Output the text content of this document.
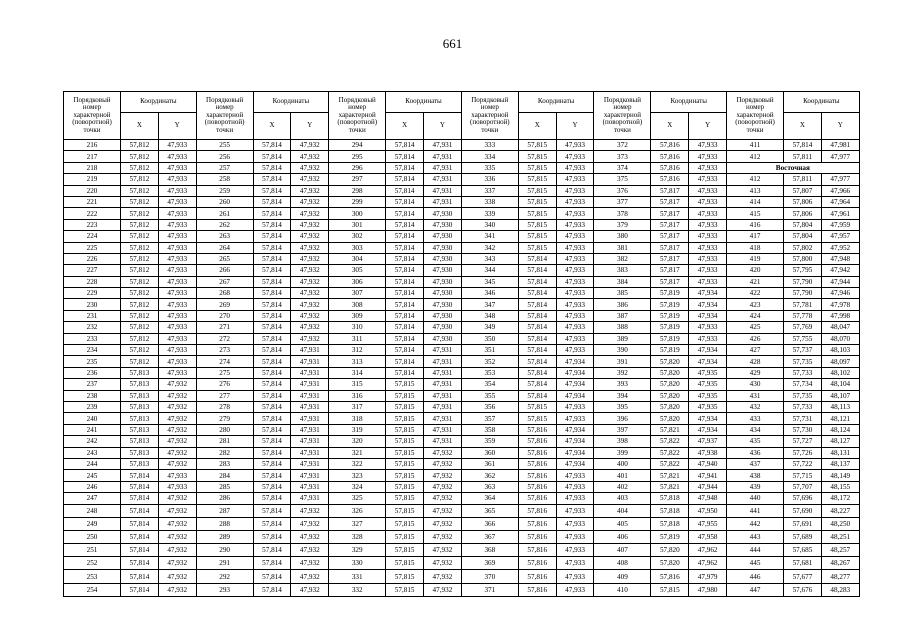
661
Порядковый номер характерной (поворотной) точки	Координаты		Порядковый номер характерной (поворотной) точки	Координаты		Порядковый номер характерной (поворотной) точки	Координаты		Порядковый номер характерной (поворотной) точки	Координаты		Порядковый номер характерной (поворотной) точки	Координаты		Порядковый номер характерной (поворотной) точки	Координаты	
	X	Y		X	Y		X	Y		X	Y		X	Y		X	Y
216	57,812	47,933	255	57,814	47,932	294	57,814	47,931	333	57,815	47,933	372	57,816	47,933	411	57,814	47,981
217	57,812	47,933	256	57,814	47,932	295	57,814	47,931	334	57,815	47,933	373	57,816	47,933	412	57,811	47,977
218	57,812	47,933	257	57,814	47,932	296	57,814	47,931	335	57,815	47,933	374	57,816	47,933	Восточная		
219	57,812	47,933	258	57,814	47,932	297	57,814	47,931	336	57,815	47,933	375	57,816	47,933	412	57,811	47,977
220	57,812	47,933	259	57,814	47,932	298	57,814	47,931	337	57,815	47,933	376	57,817	47,933	413	57,807	47,966
221	57,812	47,933	260	57,814	47,932	299	57,814	47,931	338	57,815	47,933	377	57,817	47,933	414	57,806	47,964
222	57,812	47,933	261	57,814	47,932	300	57,814	47,930	339	57,815	47,933	378	57,817	47,933	415	57,806	47,961
223	57,812	47,933	262	57,814	47,932	301	57,814	47,930	340	57,815	47,933	379	57,817	47,933	416	57,804	47,959
224	57,812	47,933	263	57,814	47,932	302	57,814	47,930	341	57,815	47,933	380	57,817	47,933	417	57,804	47,957
225	57,812	47,933	264	57,814	47,932	303	57,814	47,930	342	57,815	47,933	381	57,817	47,933	418	57,802	47,952
226	57,812	47,933	265	57,814	47,932	304	57,814	47,930	343	57,814	47,933	382	57,817	47,933	419	57,800	47,948
227	57,812	47,933	266	57,814	47,932	305	57,814	47,930	344	57,814	47,933	383	57,817	47,933	420	57,795	47,942
228	57,812	47,933	267	57,814	47,932	306	57,814	47,930	345	57,814	47,933	384	57,817	47,933	421	57,790	47,944
229	57,812	47,933	268	57,814	47,932	307	57,814	47,930	346	57,814	47,933	385	57,819	47,934	422	57,790	47,946
230	57,812	47,933	269	57,814	47,932	308	57,814	47,930	347	57,814	47,933	386	57,819	47,934	423	57,781	47,978
231	57,812	47,933	270	57,814	47,932	309	57,814	47,930	348	57,814	47,933	387	57,819	47,934	424	57,778	47,998
232	57,812	47,933	271	57,814	47,932	310	57,814	47,930	349	57,814	47,933	388	57,819	47,933	425	57,769	48,047
233	57,812	47,933	272	57,814	47,932	311	57,814	47,930	350	57,814	47,933	389	57,819	47,933	426	57,755	48,070
234	57,812	47,933	273	57,814	47,931	312	57,814	47,931	351	57,814	47,933	390	57,819	47,934	427	57,737	48,103
235	57,812	47,933	274	57,814	47,931	313	57,814	47,931	352	57,814	47,934	391	57,820	47,934	428	57,735	48,097
236	57,813	47,933	275	57,814	47,931	314	57,814	47,931	353	57,814	47,934	392	57,820	47,935	429	57,733	48,102
237	57,813	47,932	276	57,814	47,931	315	57,815	47,931	354	57,814	47,934	393	57,820	47,935	430	57,734	48,104
238	57,813	47,932	277	57,814	47,931	316	57,815	47,931	355	57,814	47,934	394	57,820	47,935	431	57,735	48,107
239	57,813	47,932	278	57,814	47,931	317	57,815	47,931	356	57,815	47,933	395	57,820	47,935	432	57,733	48,113
240	57,813	47,932	279	57,814	47,931	318	57,815	47,931	357	57,815	47,933	396	57,820	47,934	433	57,731	48,121
241	57,813	47,932	280	57,814	47,931	319	57,815	47,931	358	57,816	47,934	397	57,821	47,934	434	57,730	48,124
242	57,813	47,932	281	57,814	47,931	320	57,815	47,931	359	57,816	47,934	398	57,822	47,937	435	57,727	48,127
243	57,813	47,932	282	57,814	47,931	321	57,815	47,932	360	57,816	47,934	399	57,822	47,938	436	57,726	48,131
244	57,813	47,932	283	57,814	47,931	322	57,815	47,932	361	57,816	47,934	400	57,822	47,940	437	57,722	48,137
245	57,814	47,933	284	57,814	47,931	323	57,815	47,932	362	57,816	47,933	401	57,821	47,941	438	57,715	48,149
246	57,814	47,933	285	57,814	47,931	324	57,815	47,932	363	57,816	47,933	402	57,821	47,944	439	57,707	48,155
247	57,814	47,932	286	57,814	47,931	325	57,815	47,932	364	57,816	47,933	403	57,818	47,948	440	57,696	48,172
248	57,814	47,932	287	57,814	47,932	326	57,815	47,932	365	57,816	47,933	404	57,818	47,950	441	57,690	48,227
249	57,814	47,932	288	57,814	47,932	327	57,815	47,932	366	57,816	47,933	405	57,818	47,955	442	57,691	48,250
250	57,814	47,932	289	57,814	47,932	328	57,815	47,932	367	57,816	47,933	406	57,819	47,958	443	57,689	48,251
251	57,814	47,932	290	57,814	47,932	329	57,815	47,932	368	57,816	47,933	407	57,820	47,962	444	57,685	48,257
252	57,814	47,932	291	57,814	47,932	330	57,815	47,932	369	57,816	47,933	408	57,820	47,962	445	57,681	48,267
253	57,814	47,932	292	57,814	47,932	331	57,815	47,932	370	57,816	47,933	409	57,816	47,979	446	57,677	48,277
254	57,814	47,932	293	57,814	47,932	332	57,815	47,932	371	57,816	47,933	410	57,815	47,980	447	57,676	48,283
